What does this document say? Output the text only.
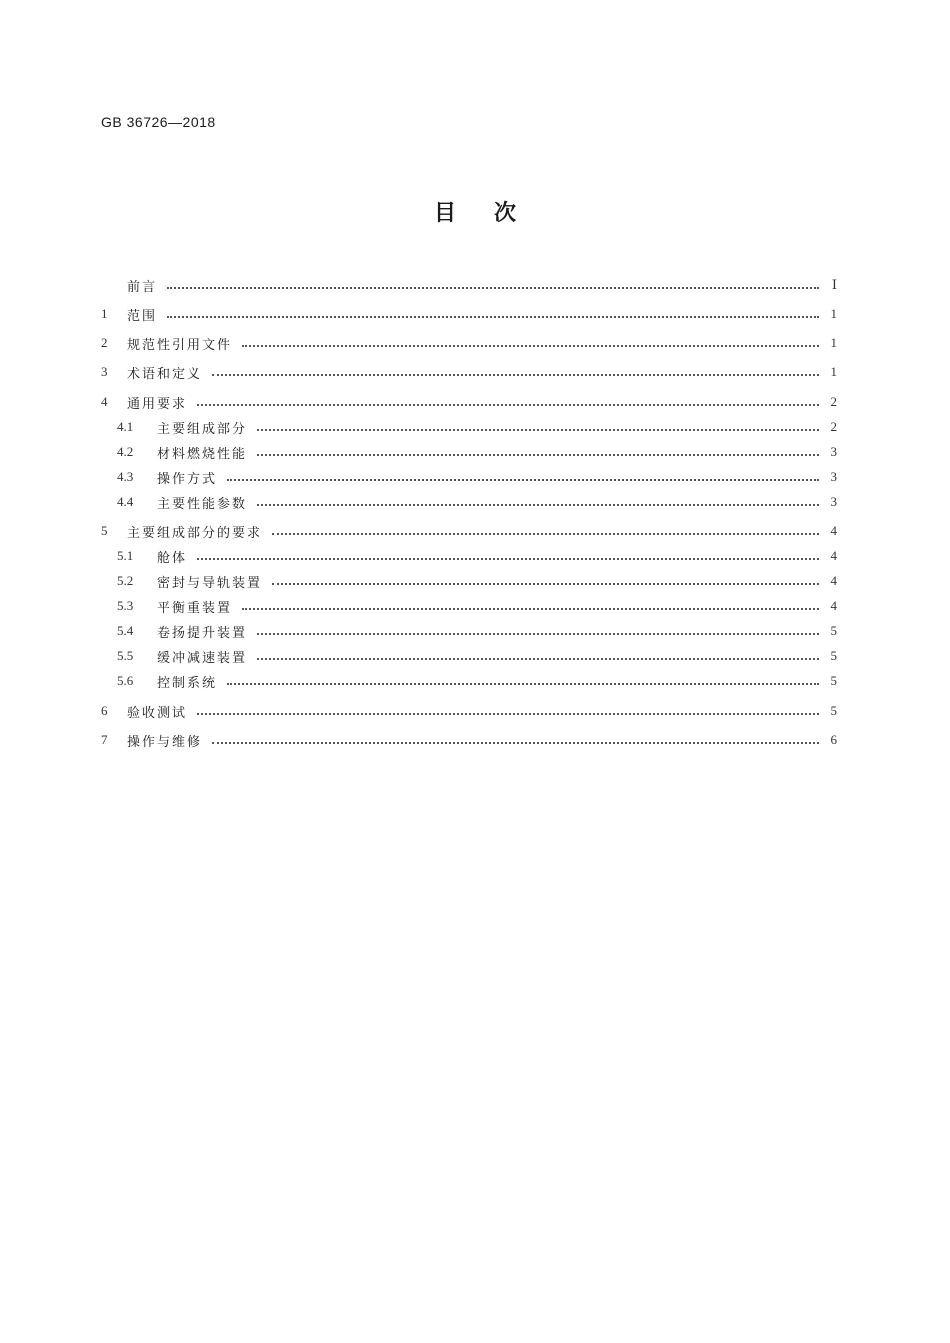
GB 36726—2018
目次
前言	Ⅰ
1	范围	1
2	规范性引用文件	1
3	术语和定义	1
4	通用要求	2
4.1	主要组成部分	2
4.2	材料燃烧性能	3
4.3	操作方式	3
4.4	主要性能参数	3
5	主要组成部分的要求	4
5.1	舱体	4
5.2	密封与导轨装置	4
5.3	平衡重装置	4
5.4	卷扬提升装置	5
5.5	缓冲减速装置	5
5.6	控制系统	5
6	验收测试	5
7	操作与维修	6
